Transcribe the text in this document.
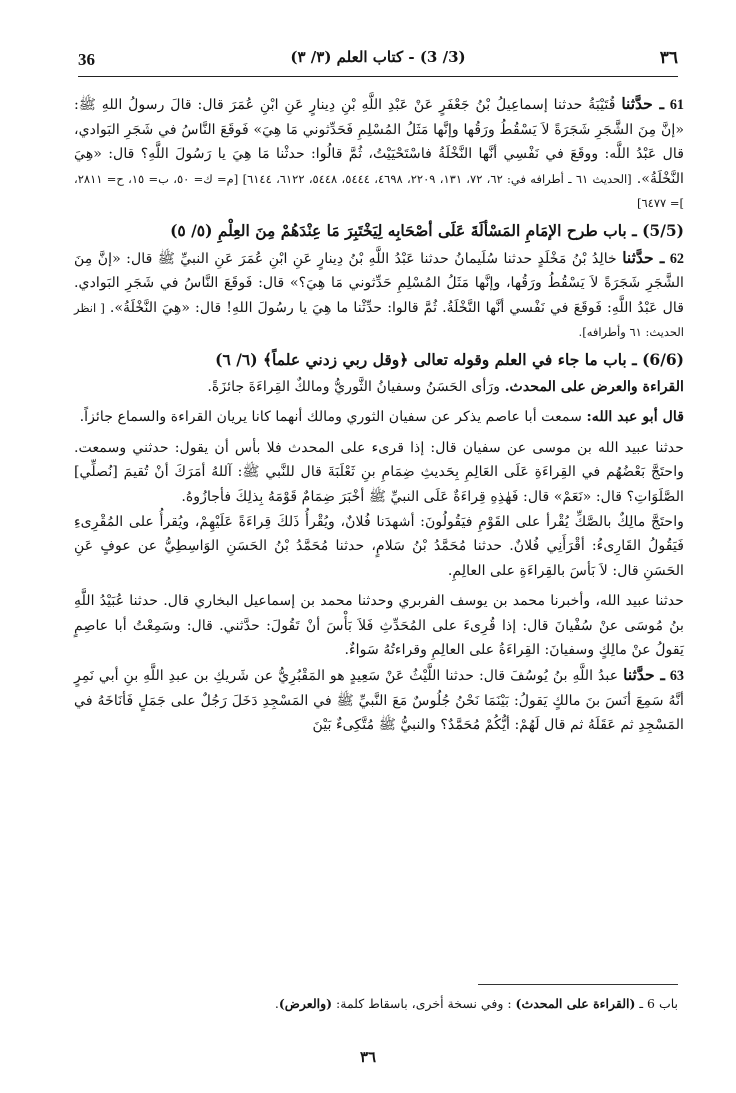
36	(3/ 3) - كتاب العلم (٣/ ٣)	٣٦

61 ـ حدَّثنا قُتَيْبَةُ حدثنا إسماعِيلُ بْنُ جَعْفَرٍ عَنْ عَبْدِ اللَّهِ بْنِ دِينارٍ عَنِ ابْنِ عُمَرَ قال: قالَ رسولُ اللهِ ﷺ: «إنَّ مِنَ الشَّجَرِ شَجَرَةً لاَ يَسْقُطُ ورَقُها وإنَّها مَثَلُ المُسْلِمِ فَحَدِّثوني مَا هِيَ» فَوقَعَ النَّاسُ في شَجَرِ البَوادي، قال عَبْدُ اللَّه: ووقَعَ في نَفْسِي أنَّها النَّخْلَةُ فاسْتَحْيَيْتُ، ثُمَّ قالُوا: حدثْنا مَا هِيَ يا رَسُولَ اللَّهِ؟ قال: «هِيَ النَّخْلَةُ». [الحديث ٦١ ـ أطرافه في: ٦٢، ٧٢، ١٣١، ٢٢٠٩، ٤٦٩٨، ٥٤٤٤، ٥٤٤٨، ٦١٢٢، ٦١٤٤] [م= ك= ٥٠، ب= ١٥، ح= ٢٨١١، ]= ٦٤٧٧]

(5/5) ـ باب طرح الإمَامِ المَسْألَةَ عَلَى أصْحَابِه لِيَخْتَبِرَ مَا عِنْدَهُمْ مِنَ العِلْمِ (٥/ ٥)

62 ـ حدَّثنا خالِدُ بْنُ مَخْلَدٍ حدثنا سُلَيمانُ حدثنا عَبْدُ اللَّهِ بْنُ دِينارٍ عَنِ ابْنِ عُمَرَ عَنِ النبيِّ ﷺ قال: «إنَّ مِنَ الشَّجَرِ شَجَرَةً لاَ يَسْقُطُ ورَقُها، وإنَّها مَثَلُ المُسْلِمِ حَدِّثوني مَا هِيَ؟» قال: فَوقَعَ النَّاسُ في شَجَرِ البَوادي. قال عَبْدُ اللَّهِ: فَوقَعَ في نَفْسي أنَّها النَّخْلَةُ. ثُمَّ قالوا: حدِّثْنا ما هِيَ يا رسُولَ اللهِ! قال: «هِيَ النَّخْلَةُ». [ انظر الحديث: ٦١ وأطرافه].

(6/6) ـ باب ما جاء في العلم وقوله تعالى ﴿وقل ربي زدني علماً﴾ (٦/ ٦)

القراءة والعرض على المحدث. ورَأى الحَسَنُ وسفيانُ الثَّوريُّ ومالكٌ القِراءَةَ جائزَةً.

قال أبو عبد الله: سمعت أبا عاصم يذكر عن سفيان الثوري ومالك أنهما كانا يريان القراءة والسماع جائزاً.

حدثنا عبيد الله بن موسى عن سفيان قال: إذا قرىء على المحدث فلا بأس أن يقول: حدثني وسمعت. واحتَجَّ بَعْضُهُم في القِراءَةِ عَلَى العَالِمِ بِحَديثِ ضِمَامِ بنِ ثَعْلَبَةَ قال للنَّبي ﷺ: آللهُ أمَرَكَ أنْ تُقيمَ [نُصلِّي] الصَّلَوَاتِ؟ قال: «نَعَمْ» قال: فَهٰذِهِ قِراءَةٌ عَلَى النبيِّ ﷺ أخْبَرَ ضِمَامٌ قَوْمَهُ بِذلِكَ فأجازُوهُ.

واحتَجَّ مالِكٌ بالصَّكِّ يُقْرأ على القَوْمِ فيَقُولُونَ: أشهدَنا فُلانٌ، ويُقْرأُ ذَلكَ قِراءَةً عَلَيْهِمْ، ويُقرأُ على المُقْرِىءِ فَيَقُولُ القَارِىءُ: أقْرَأَنِي فُلانٌ. حدثنا مُحَمَّدُ بْنُ سَلامٍ، حدثنا مُحَمَّدُ بْنُ الحَسَنِ الوَاسِطِيُّ عن عوفٍ عَنِ الحَسَنِ قال: لاَ بَأسَ بالقِراءَةِ على العالِمِ.

حدثنا عبيد الله، وأخبرنا محمد بن يوسف الفربري وحدثنا محمد بن إسماعيل البخاري قال. حدثنا عُبَيْدُ اللَّهِ بنُ مُوسَى عنْ سُفْيانَ قال: إذا قُرِىءَ على المُحَدِّثِ فَلاَ بَأْسَ أنْ تَقُولَ: حدَّثني. قال: وسَمِعْتُ أبا عاصِمٍ يَقولُ عنْ مالِكٍ وسفيانَ: القِراءَةُ على العالِمِ وقراءتُهُ سَواءٌ.

63 ـ حدَّثنا عبدُ اللَّهِ بنُ يُوسُفَ قال: حدثنا اللَّيْثُ عَنْ سَعِيدٍ هو المَقْبُرِيُّ عن شَريكِ بن عبدِ اللَّهِ بنِ أبي نَمِرٍ أنَّهُ سَمِعَ أنَسَ بنَ مالكٍ يَقولُ: بَيْنَمَا نَحْنُ جُلُوسٌ مَعَ النَّبيِّ ﷺ في المَسْجِدِ دَخَلَ رَجُلٌ على جَمَلٍ فَأنَاخَهُ في المَسْجِدِ ثم عَقَلَهُ ثم قال لَهُمْ: أيُّكُمْ مُحَمَّدٌ؟ والنبيُّ ﷺ مُتَّكِىءٌ بَيْنَ

باب 6 ـ (القراءة على المحدث) : وفي نسخة أخرى، باسقاط كلمة: (والعرض).
٣٦
